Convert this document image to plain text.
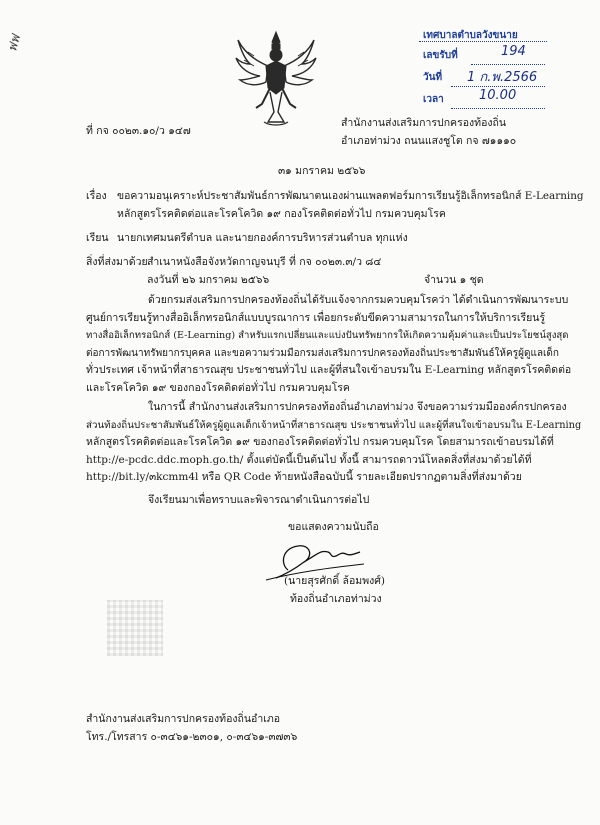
ฟฟ	เทศบาลตำบลวังขนาย
เลขรับที่	194
วันที่ 1 ก.พ.2566
เวลา	10.00
ที่ กจ ๐๐๒๓.๑๐/ว ๑๔๗
สำนักงานส่งเสริมการปกครองท้องถิ่น
อำเภอท่าม่วง ถนนแสงชูโต กจ ๗๑๑๑๐
๓๑ มกราคม ๒๕๖๖
เรื่อง ขอความอนุเคราะห์ประชาสัมพันธ์การพัฒนาตนเองผ่านแพลตฟอร์มการเรียนรู้อิเล็กทรอนิกส์ E-Learning
หลักสูตรโรคติดต่อและโรคโควิด ๑๙ กองโรคติดต่อทั่วไป กรมควบคุมโรค
เรียน นายกเทศมนตรีตำบล และนายกองค์การบริหารส่วนตำบล ทุกแห่ง
สิ่งที่ส่งมาด้วย สำเนาหนังสือจังหวัดกาญจนบุรี ที่ กจ ๐๐๒๓.๓/ว ๘๔
ลงวันที่ ๒๖ มกราคม ๒๕๖๖	จำนวน ๑ ชุด
ด้วยกรมส่งเสริมการปกครองท้องถิ่นได้รับแจ้งจากกรมควบคุมโรคว่า ได้ดำเนินการพัฒนาระบบ
ศูนย์การเรียนรู้ทางสื่ออิเล็กทรอนิกส์แบบบูรณาการ เพื่อยกระดับขีดความสามารถในการให้บริการเรียนรู้
ทางสื่ออิเล็กทรอนิกส์ (E-Learning) สำหรับแรกเปลี่ยนและแบ่งปันทรัพยากรให้เกิดความคุ้มค่าและเป็นประโยชน์สูงสุด
ต่อการพัฒนาทรัพยากรบุคคล และขอความร่วมมือกรมส่งเสริมการปกครองท้องถิ่นประชาสัมพันธ์ให้ครูผู้ดูแลเด็ก
ทั่วประเทศ เจ้าหน้าที่สาธารณสุข ประชาชนทั่วไป และผู้ที่สนใจเข้าอบรมใน E-Learning หลักสูตรโรคติดต่อ
และโรคโควิด ๑๙ ของกองโรคติดต่อทั่วไป กรมควบคุมโรค
ในการนี้ สำนักงานส่งเสริมการปกครองท้องถิ่นอำเภอท่าม่วง จึงขอความร่วมมือองค์กรปกครอง
ส่วนท้องถิ่นประชาสัมพันธ์ให้ครูผู้ดูแลเด็กเจ้าหน้าที่สาธารณสุข ประชาชนทั่วไป และผู้ที่สนใจเข้าอบรมใน E-Learning
หลักสูตรโรคติดต่อและโรคโควิด ๑๙ ของกองโรคติดต่อทั่วไป กรมควบคุมโรค โดยสามารถเข้าอบรมได้ที่
http://e-pcdc.ddc.moph.go.th/ ตั้งแต่บัดนี้เป็นต้นไป ทั้งนี้ สามารถดาวน์โหลดสิ่งที่ส่งมาด้วยได้ที่
http://bit.ly/๓kcmm4l หรือ QR Code ท้ายหนังสือฉบับนี้ รายละเอียดปรากฏตามสิ่งที่ส่งมาด้วย
จึงเรียนมาเพื่อทราบและพิจารณาดำเนินการต่อไป
ขอแสดงความนับถือ
(นายสุรศักดิ์ ล้อมพงศ์)
ท้องถิ่นอำเภอท่าม่วง
สำนักงานส่งเสริมการปกครองท้องถิ่นอำเภอ
โทร./โทรสาร ๐-๓๔๖๑-๒๓๐๑, ๐-๓๔๖๑-๓๗๓๖
